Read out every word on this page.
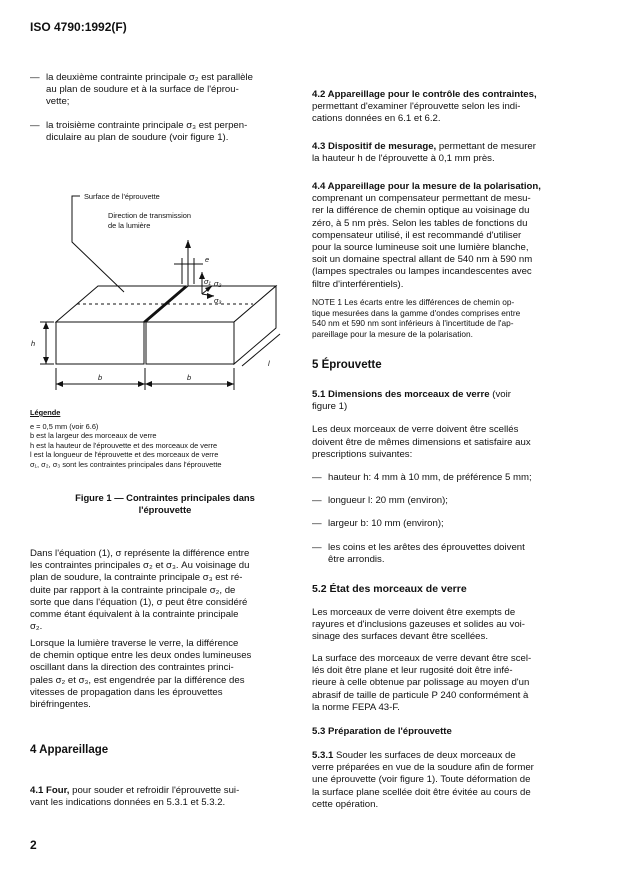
ISO 4790:1992(F)
— la deuxième contrainte principale σ₂ est parallèle
au plan de soudure et à la surface de l'éprou-
vette;
— la troisième contrainte principale σ₃ est perpen-
diculaire au plan de soudure (voir figure 1).
Surface de l'éprouvette
Direction de transmission
de la lumière
e
σ₁ σ₂
σ₃
h
b	b
l
Légende
e = 0,5 mm (voir 6.6)
b est la largeur des morceaux de verre
h est la hauteur de l'éprouvette et des morceaux de verre
l est la longueur de l'éprouvette et des morceaux de verre
σ₁, σ₂, σ₃ sont les contraintes principales dans l'éprouvette
Figure 1 — Contraintes principales dans
l'éprouvette
Dans l'équation (1), σ représente la différence entre
les contraintes principales σ₂ et σ₃. Au voisinage du
plan de soudure, la contrainte principale σ₃ est ré-
duite par rapport à la contrainte principale σ₂, de
sorte que dans l'équation (1), σ peut être considéré
comme étant équivalent à la contrainte principale
σ₂.
Lorsque la lumière traverse le verre, la différence
de chemin optique entre les deux ondes lumineuses
oscillant dans la direction des contraintes princi-
pales σ₂ et σ₃, est engendrée par la différence des
vitesses de propagation dans les éprouvettes
biréfringentes.
4 Appareillage
4.1 Four, pour souder et refroidir l'éprouvette sui-
vant les indications données en 5.3.1 et 5.3.2.
2
4.2 Appareillage pour le contrôle des contraintes,
permettant d'examiner l'éprouvette selon les indi-
cations données en 6.1 et 6.2.
4.3 Dispositif de mesurage, permettant de mesurer
la hauteur h de l'éprouvette à 0,1 mm près.
4.4 Appareillage pour la mesure de la polarisation,
comprenant un compensateur permettant de mesu-
rer la différence de chemin optique au voisinage du
zéro, à 5 nm près. Selon les tables de fonctions du
compensateur utilisé, il est recommandé d'utiliser
pour la source lumineuse soit une lumière blanche,
soit un domaine spectral allant de 540 nm à 590 nm
(lampes spectrales ou lampes incandescentes avec
filtre d'interférentiels).
NOTE 1 Les écarts entre les différences de chemin op-
tique mesurées dans la gamme d'ondes comprises entre
540 nm et 590 nm sont inférieurs à l'incertitude de l'ap-
pareillage pour la mesure de la polarisation.
5 Éprouvette
5.1 Dimensions des morceaux de verre (voir
figure 1)
Les deux morceaux de verre doivent être scellés
doivent être de mêmes dimensions et satisfaire aux
prescriptions suivantes:
— hauteur h: 4 mm à 10 mm, de préférence 5 mm;
— longueur l: 20 mm (environ);
— largeur b: 10 mm (environ);
— les coins et les arêtes des éprouvettes doivent
être arrondis.
5.2 État des morceaux de verre
Les morceaux de verre doivent être exempts de
rayures et d'inclusions gazeuses et solides au voi-
sinage des surfaces devant être scellées.
La surface des morceaux de verre devant être scel-
lés doit être plane et leur rugosité doit être infé-
rieure à celle obtenue par polissage au moyen d'un
abrasif de taille de particule P 240 conformément à
la norme FEPA 43-F.
5.3 Préparation de l'éprouvette
5.3.1 Souder les surfaces de deux morceaux de
verre préparées en vue de la soudure afin de former
une éprouvette (voir figure 1). Toute déformation de
la surface plane scellée doit être évitée au cours de
cette opération.
